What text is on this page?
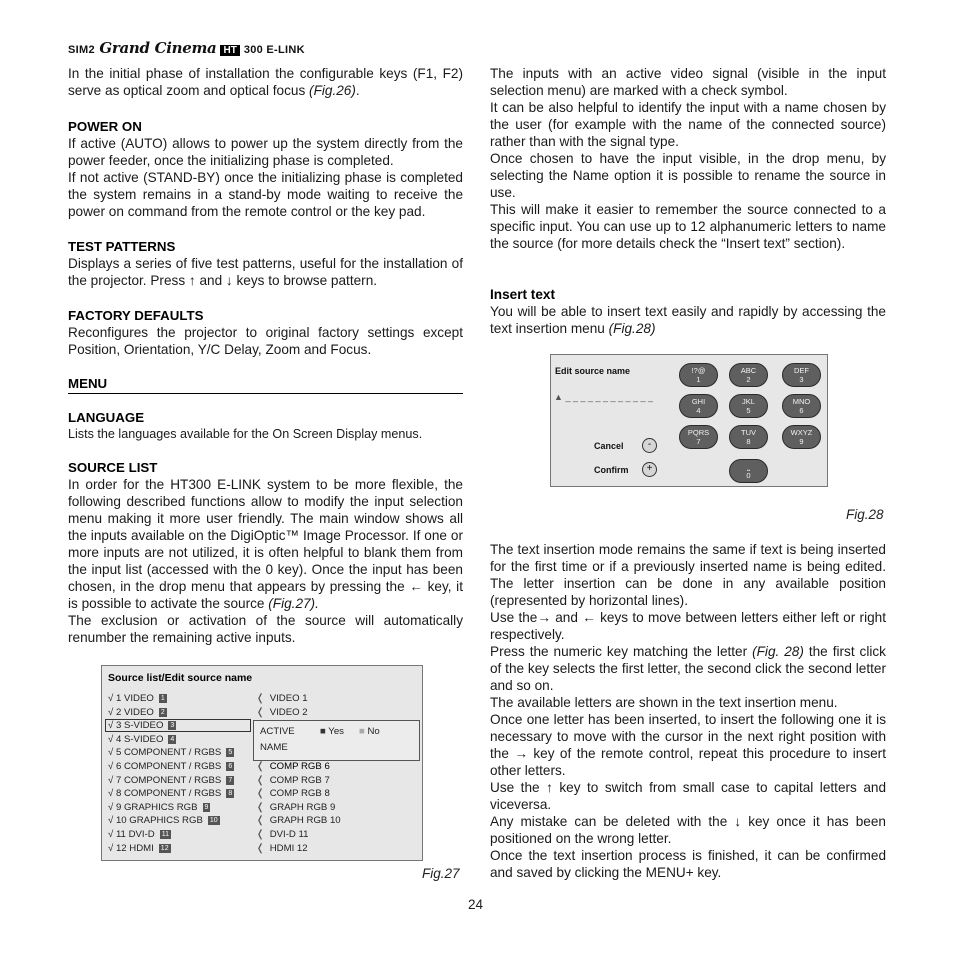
SIM2 Grand Cinema HT 300 E-LINK
In the initial phase of installation the configurable keys (F1, F2) serve as optical zoom and optical focus (Fig.26).
POWER ON
If active (AUTO) allows to power up the system directly from the power feeder, once the initializing phase is completed.
If not active (STAND-BY) once the initializing phase is completed the system remains in a stand-by mode waiting to receive the power on command from the remote control or the key pad.
TEST PATTERNS
Displays a series of five test patterns, useful for the installation of the projector. Press ↑ and ↓ keys to browse pattern.
FACTORY DEFAULTS
Reconfigures the projector to original factory settings except Position, Orientation, Y/C Delay, Zoom and Focus.
MENU
LANGUAGE
Lists the languages available for the On Screen Display menus.
SOURCE LIST
In order for the HT300 E-LINK system to be more flexible, the following described functions allow to modify the input selection menu making it more user friendly. The main window shows all the inputs available on the DigiOptic™ Image Processor. If one or more inputs are not utilized, it is often helpful to blank them from the input list (accessed with the 0 key). Once the input has been chosen, in the drop menu that appears by pressing the ← key, it is possible to activate the source (Fig.27).
The exclusion or activation of the source will automatically renumber the remaining active inputs.
Source list/Edit source name
√ 1 VIDEO 1	❬ VIDEO 1
√ 2 VIDEO 2	❬ VIDEO 2
√ 3 S-VIDEO 3
√ 4 S-VIDEO 4
√ 5 COMPONENT / RGBS 5
√ 6 COMPONENT / RGBS 6 ❬ COMP RGB 6
√ 7 COMPONENT / RGBS 7 ❬ COMP RGB 7
√ 8 COMPONENT / RGBS 8 ❬ COMP RGB 8
√ 9 GRAPHICS RGB 9	❬ GRAPH RGB 9
√ 10 GRAPHICS RGB 10	❬ GRAPH RGB 10
√ 11 DVI-D 11	❬ DVI-D 11
√ 12 HDMI 12	❬ HDMI 12
ACTIVE	■ Yes ■ No
NAME
Fig.27
The inputs with an active video signal (visible in the input selection menu) are marked with a check symbol.
It can be also helpful to identify the input with a name chosen by the user (for example with the name of the connected source) rather than with the signal type.
Once chosen to have the input visible, in the drop menu, by selecting the Name option it is possible to rename the source in use.
This will make it easier to remember the source connected to a specific input. You can use up to 12 alphanumeric letters to name the source (for more details check the “Insert text” section).
Insert text
You will be able to insert text easily and rapidly by accessing the text insertion menu (Fig.28)
Edit source name
▲ _ _ _ _ _ _ _ _ _ _ _ _
Cancel	-
Confirm	+
!?@
1
ABC
2
DEF
3
GHI
4
JKL
5
MNO
6
PQRS
7
TUV
8
WXYZ
9
⎵
0
Fig.28
The text insertion mode remains the same if text is being inserted for the first time or if a previously inserted name is being edited. The letter insertion can be done in any available position (represented by horizontal lines).
Use the→ and ← keys to move between letters either left or right respectively.
Press the numeric key matching the letter (Fig. 28) the first click of the key selects the first letter, the second click the second letter and so on.
The available letters are shown in the text insertion menu.
Once one letter has been inserted, to insert the following one it is necessary to move with the cursor in the next right position with the → key of the remote control, repeat this procedure to insert other letters.
Use the ↑ key to switch from small case to capital letters and viceversa.
Any mistake can be deleted with the ↓ key once it has been positioned on the wrong letter.
Once the text insertion process is finished, it can be confirmed and saved by clicking the MENU+ key.
24
